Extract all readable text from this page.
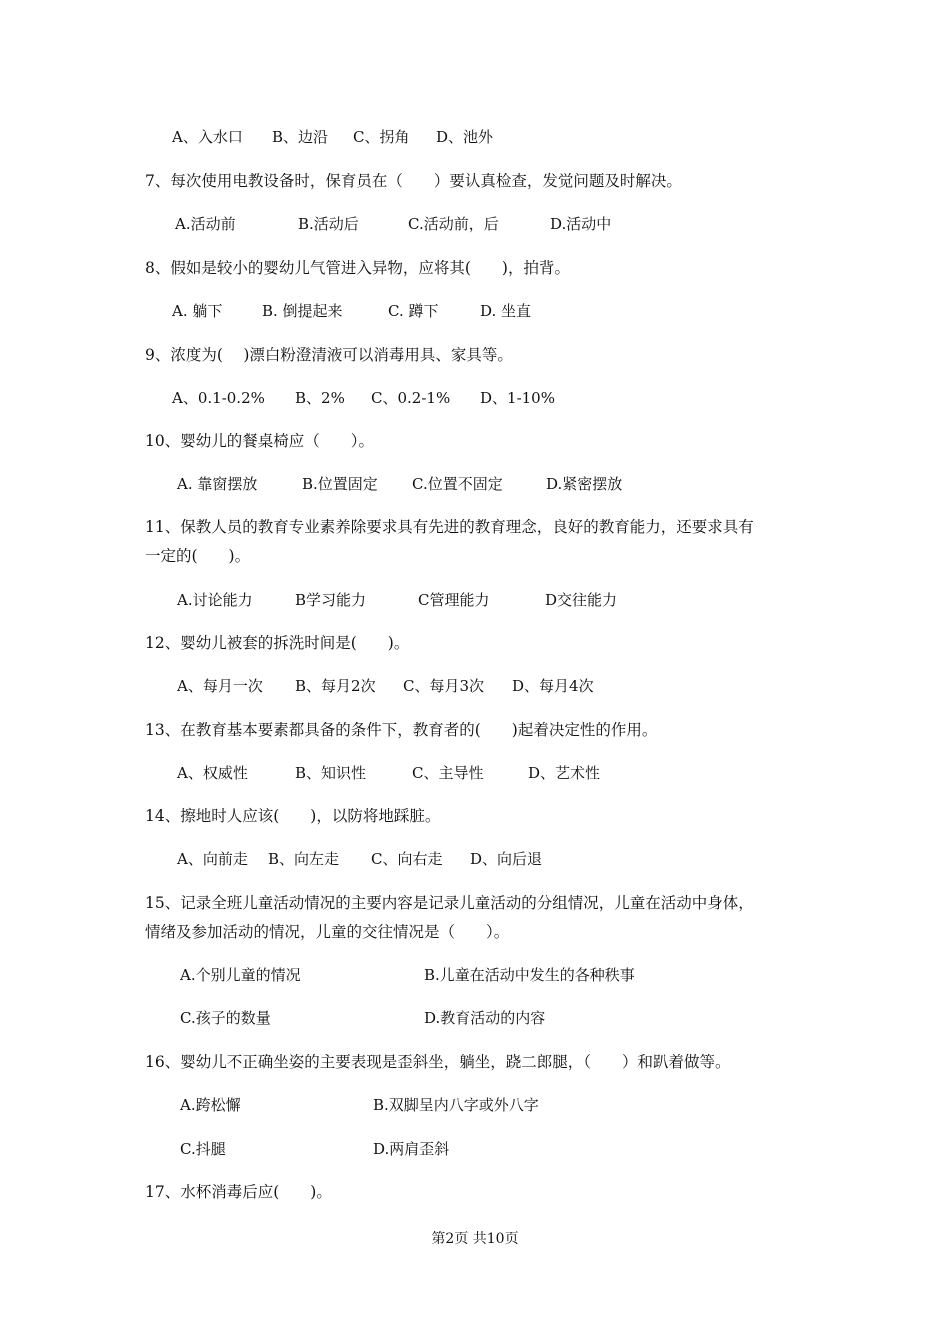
A、入水口 B、边沿 C、拐角 D、池外
7、每次使用电教设备时，保育员在（　　）要认真检查，发觉问题及时解决。
A.活动前	B.活动后	C.活动前，后	D.活动中
8、假如是较小的婴幼儿气管进入异物，应将其(　　)，拍背。
A. 躺下	B. 倒提起来	C. 蹲下	D. 坐直
9、浓度为(　 )漂白粉澄清液可以消毒用具、家具等。
A、0.1-0.2% B、2% C、0.2-1% D、1-10%
10、婴幼儿的餐桌椅应（　　）。
A. 靠窗摆放	B.位置固定 C.位置不固定	D.紧密摆放
11、保教人员的教育专业素养除要求具有先进的教育理念，良好的教育能力，还要求具有
一定的(　　)。
A.讨论能力	B学习能力	C管理能力	D交往能力
12、婴幼儿被套的拆洗时间是(　　)。
A、每月一次 B、每月2次 C、每月3次 D、每月4次
13、在教育基本要素都具备的条件下，教育者的(　　)起着决定性的作用。
A、权威性	B、知识性	C、主导性	D、艺术性
14、擦地时人应该(　　)，以防将地踩脏。
A、向前走 B、向左走 C、向右走 D、向后退
15、记录全班儿童活动情况的主要内容是记录儿童活动的分组情况，儿童在活动中身体，
情绪及参加活动的情况，儿童的交往情况是（　　）。
A.个别儿童的情况	B.儿童在活动中发生的各种秩事
C.孩子的数量	D.教育活动的内容
16、婴幼儿不正确坐姿的主要表现是歪斜坐，躺坐，跷二郎腿，（　　）和趴着做等。
A.跨松懈	B.双脚呈内八字或外八字
C.抖腿	D.两肩歪斜
17、水杯消毒后应(　　)。
第2页 共10页
